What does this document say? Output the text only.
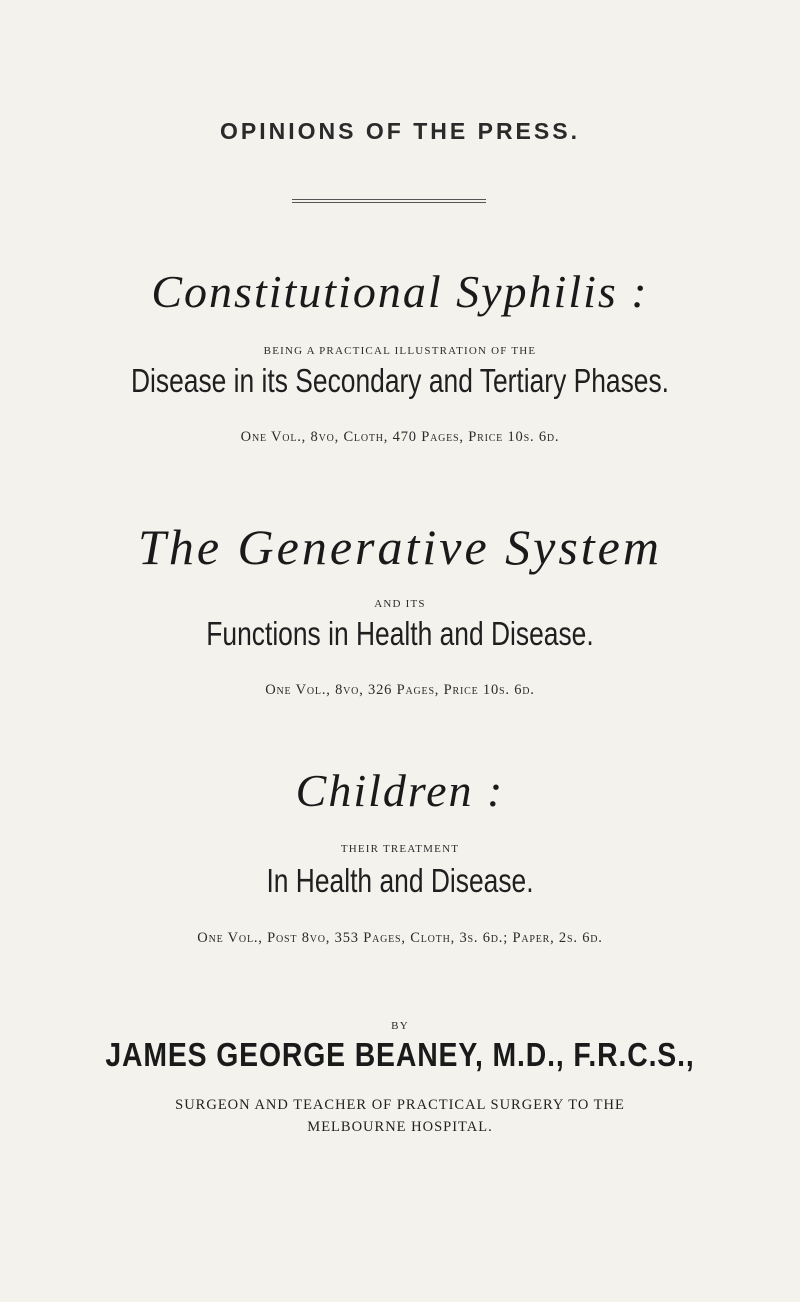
OPINIONS OF THE PRESS.
Constitutional Syphilis :
BEING A PRACTICAL ILLUSTRATION OF THE
Disease in its Secondary and Tertiary Phases.
One Vol., 8vo, Cloth, 470 Pages, Price 10s. 6d.
The Generative System
AND ITS
Functions in Health and Disease.
One Vol., 8vo, 326 Pages, Price 10s. 6d.
Children :
THEIR TREATMENT
In Health and Disease.
One Vol., Post 8vo, 353 Pages, Cloth, 3s. 6d.; Paper, 2s. 6d.
BY
JAMES GEORGE BEANEY, M.D., F.R.C.S.,
SURGEON AND TEACHER OF PRACTICAL SURGERY TO THE
MELBOURNE HOSPITAL.
